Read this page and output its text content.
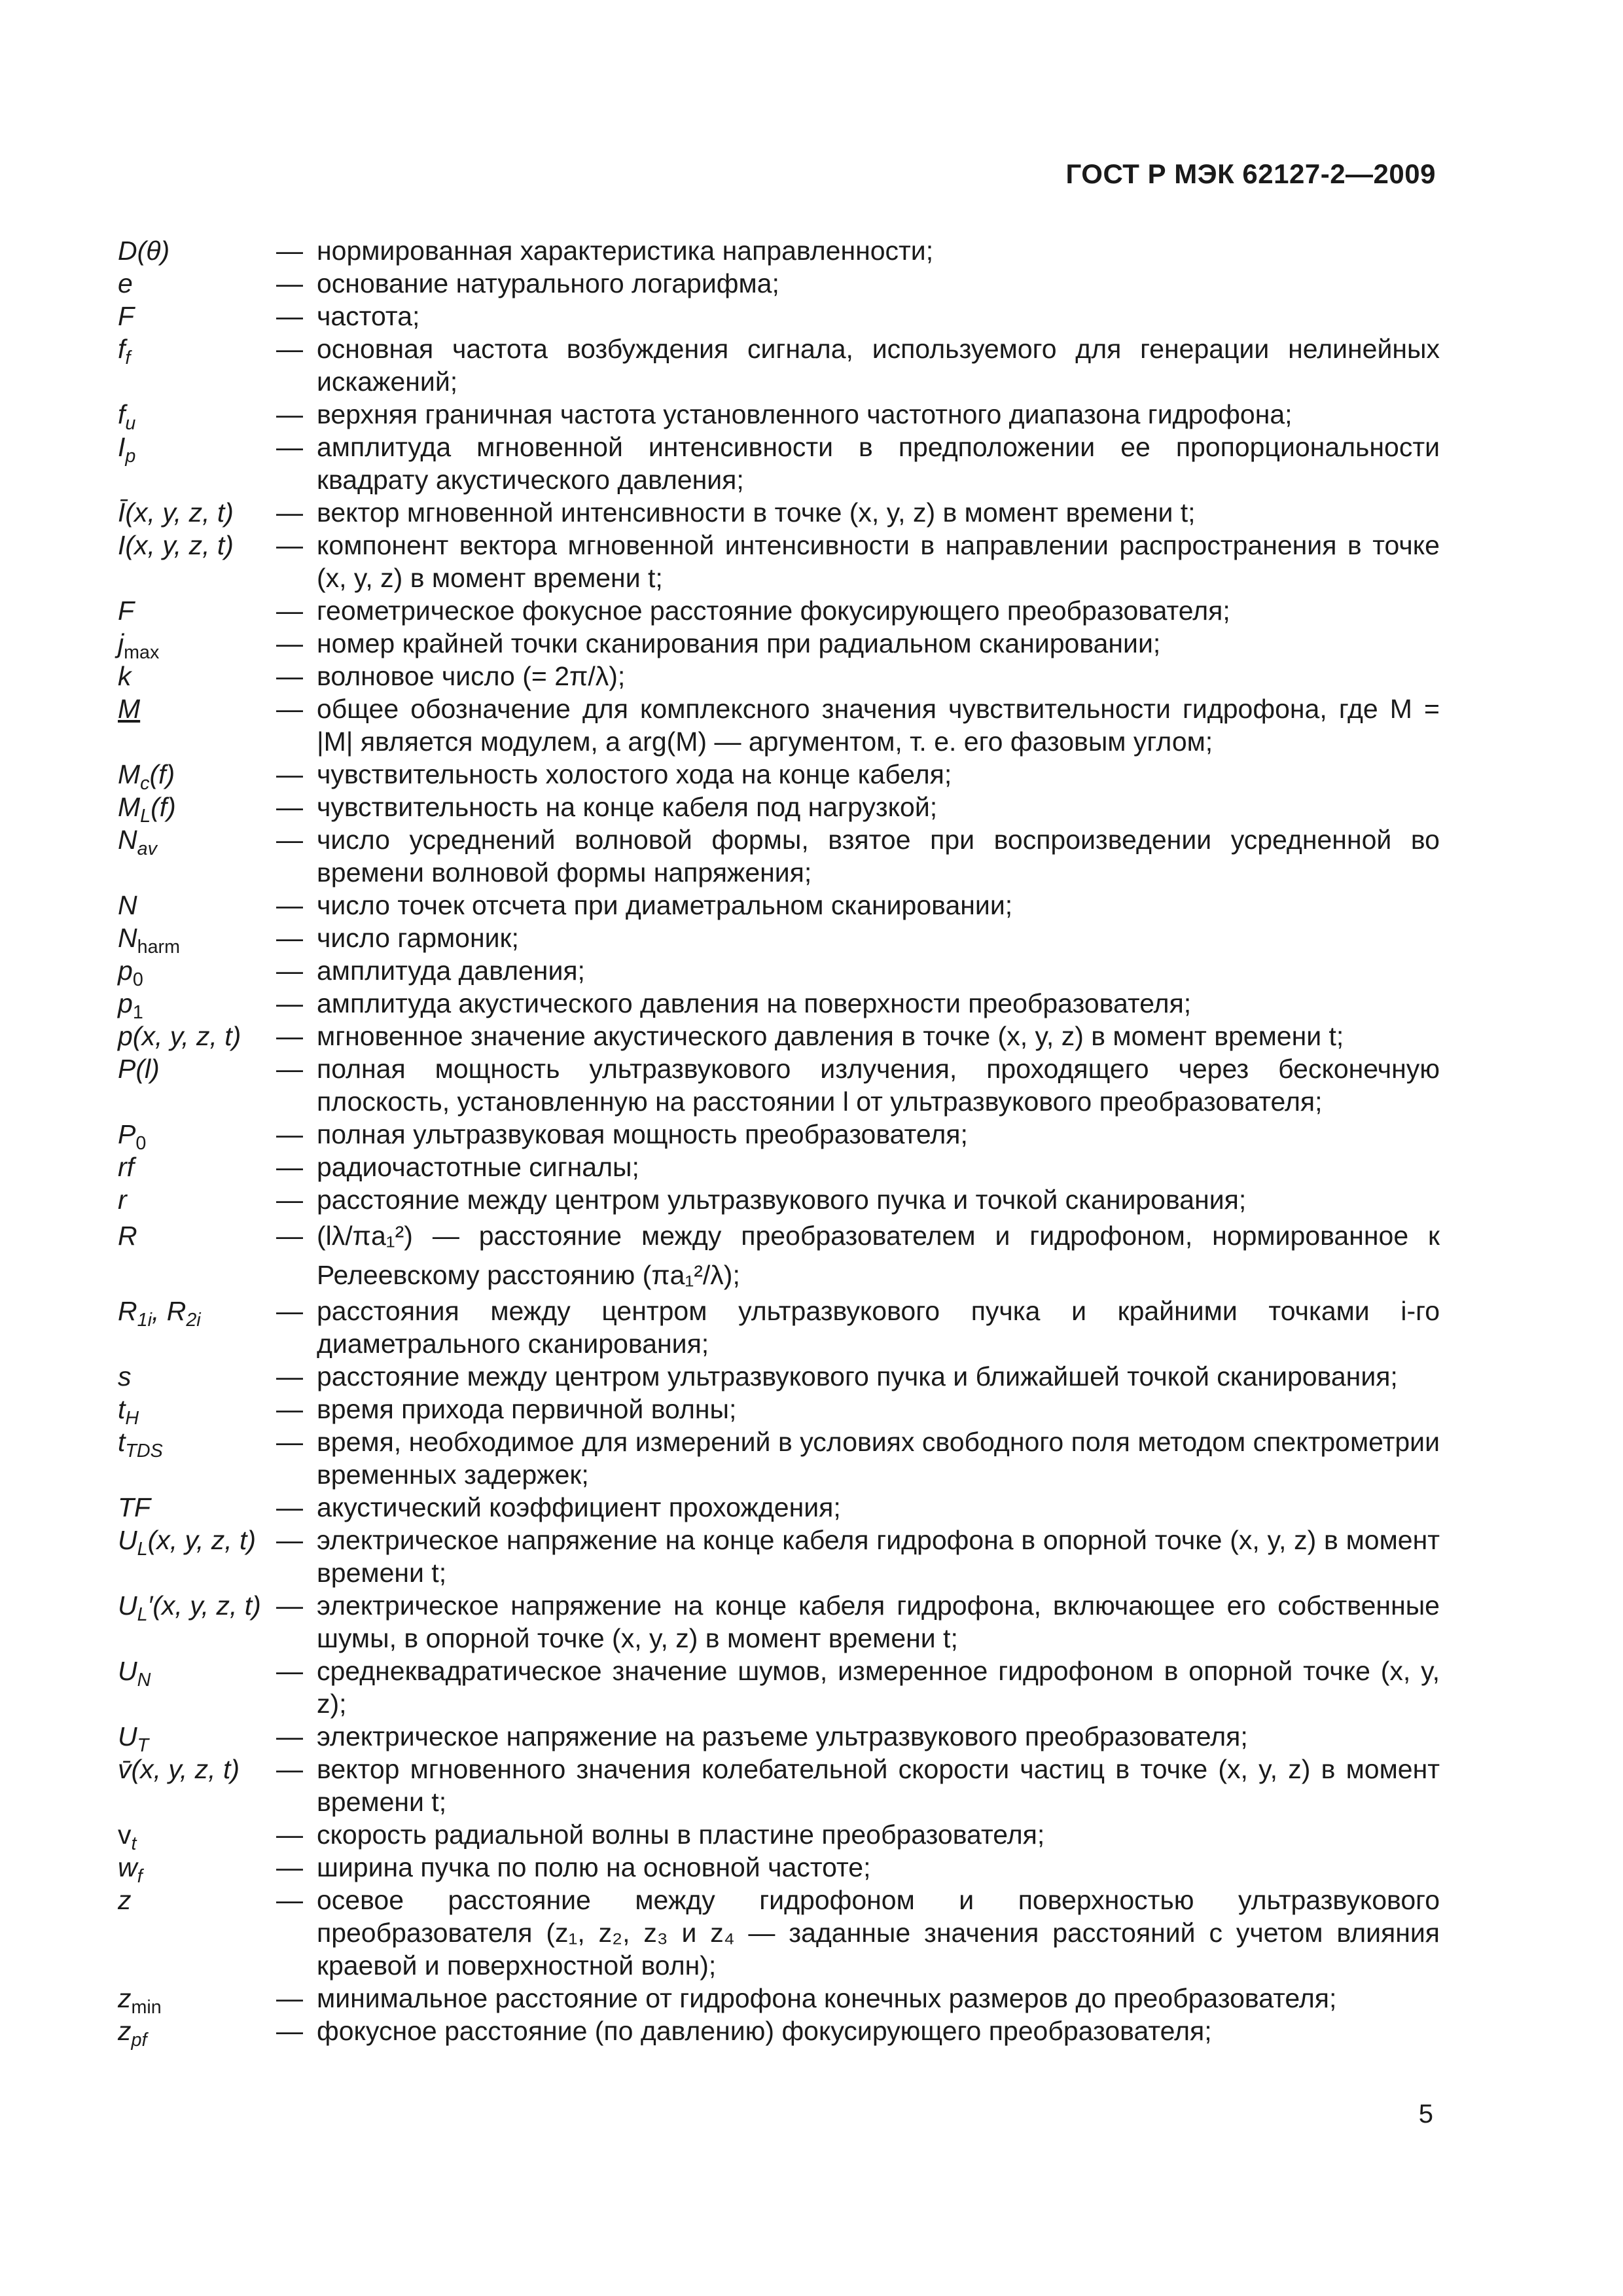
ГОСТ Р МЭК 62127-2—2009
D(θ)	— нормированная характеристика направленности;
e	— основание натурального логарифма;
F	— частота;
$f_f$	— основная частота возбуждения сигнала, используемого для генерации нелинейных искажений;
$f_u$	— верхняя граничная частота установленного частотного диапазона гидрофона;
$I_p$	— амплитуда мгновенной интенсивности в предположении ее пропорциональности квадрату акустического давления;
Ī(x, y, z, t)	— вектор мгновенной интенсивности в точке (x, y, z) в момент времени t;
I(x, y, z, t)	— компонент вектора мгновенной интенсивности в направлении распространения в точке (x, y, z) в момент времени t;
F	— геометрическое фокусное расстояние фокусирующего преобразователя;
$j_{max}$	— номер крайней точки сканирования при радиальном сканировании;
k	— волновое число (= 2π/λ);
M	— общее обозначение для комплексного значения чувствительности гидрофона, где M = |M| является модулем, а arg(M) — аргументом, т. е. его фазовым углом;
$M_c(f)$	— чувствительность холостого хода на конце кабеля;
$M_L(f)$	— чувствительность на конце кабеля под нагрузкой;
$N_{av}$	— число усреднений волновой формы, взятое при воспроизведении усредненной во времени волновой формы напряжения;
N	— число точек отсчета при диаметральном сканировании;
$N_{harm}$	— число гармоник;
$p_0$	— амплитуда давления;
$p_1$	— амплитуда акустического давления на поверхности преобразователя;
p(x, y, z, t)	— мгновенное значение акустического давления в точке (x, y, z) в момент времени t;
P(l)	— полная мощность ультразвукового излучения, проходящего через бесконечную плоскость, установленную на расстоянии l от ультразвукового преобразователя;
$P_0$	— полная ультразвуковая мощность преобразователя;
rf	— радиочастотные сигналы;
r	— расстояние между центром ультразвукового пучка и точкой сканирования;
R	— (lλ/πa₁²) — расстояние между преобразователем и гидрофоном, нормированное к Релеевскому расстоянию (πa₁²/λ);
$R_{1i}$, $R_{2i}$	— расстояния между центром ультразвукового пучка и крайними точками i-го диаметрального сканирования;
s	— расстояние между центром ультразвукового пучка и ближайшей точкой сканирования;
$t_H$	— время прихода первичной волны;
$t_{TDS}$	— время, необходимое для измерений в условиях свободного поля методом спектрометрии временных задержек;
TF	— акустический коэффициент прохождения;
$U_L(x$, y, z, t) — электрическое напряжение на конце кабеля гидрофона в опорной точке (x, y, z) в момент времени t;
$U_L'(x$, y, z, t) — электрическое напряжение на конце кабеля гидрофона, включающее его собственные шумы, в опорной точке (x, y, z) в момент времени t;
$U_N$	— среднеквадратическое значение шумов, измеренное гидрофоном в опорной точке (x, y, z);
$U_T$	— электрическое напряжение на разъеме ультразвукового преобразователя;
v̄(x, y, z, t)	— вектор мгновенного значения колебательной скорости частиц в точке (x, y, z) в момент времени t;
$v_t$	— скорость радиальной волны в пластине преобразователя;
$w_f$	— ширина пучка по полю на основной частоте;
z	— осевое расстояние между гидрофоном и поверхностью ультразвукового преобразователя (z₁, z₂, z₃ и z₄ — заданные значения расстояний с учетом влияния краевой и поверхностной волн);
$z_{min}$	— минимальное расстояние от гидрофона конечных размеров до преобразователя;
$z_{pf}$	— фокусное расстояние (по давлению) фокусирующего преобразователя;
5
